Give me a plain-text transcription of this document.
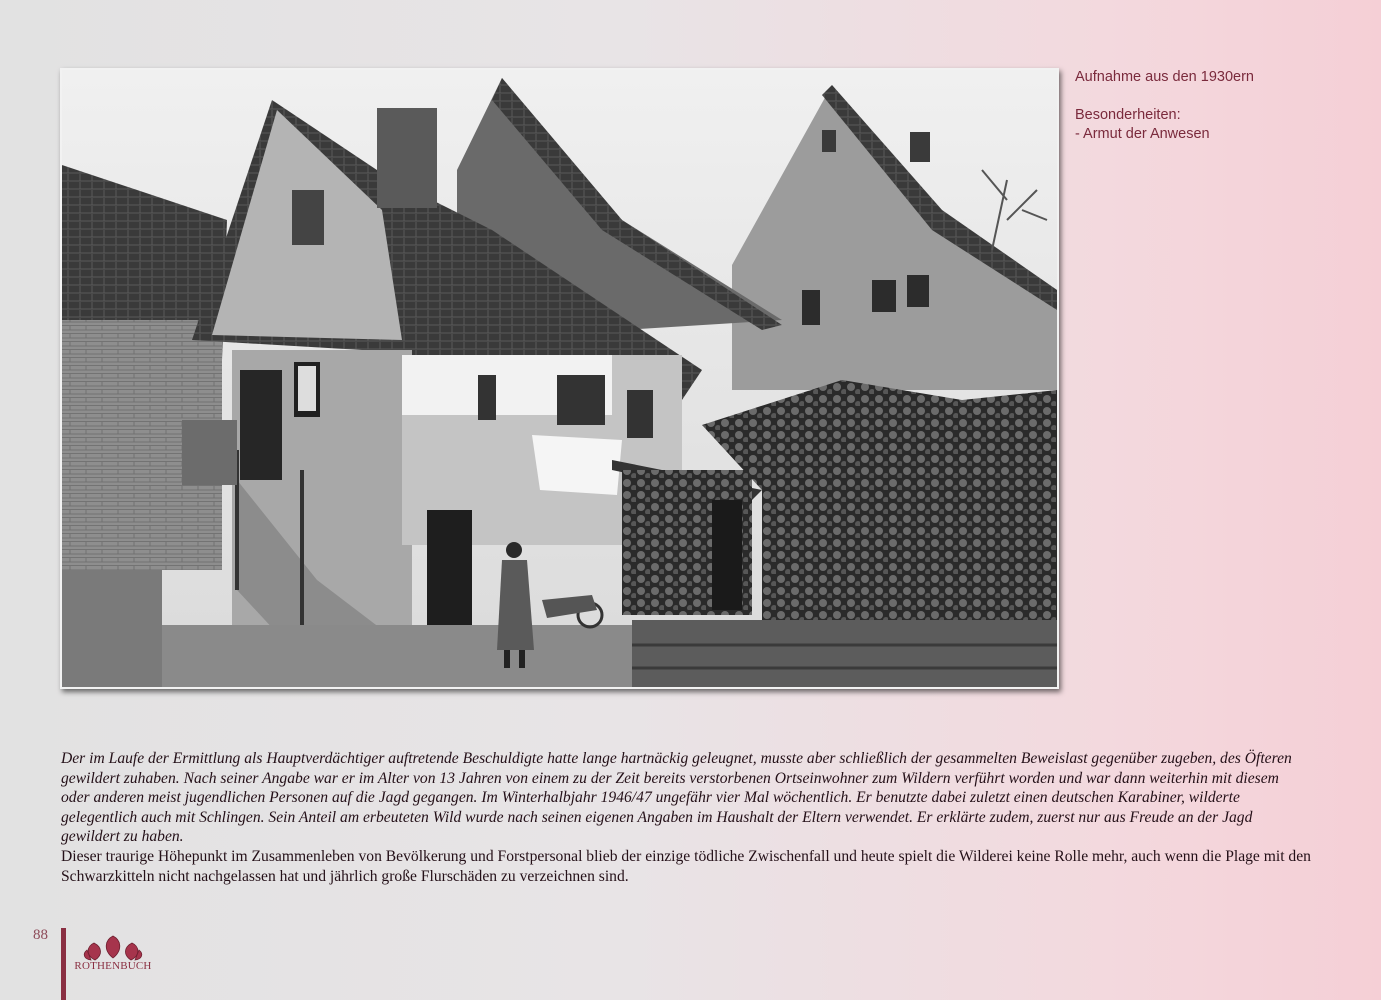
Aufnahme aus den 1930ern

Besonderheiten:

- Armut der Anwesen

Der im Laufe der Ermittlung als Hauptverdächtiger auftretende Beschuldigte hatte lange hartnäckig geleugnet, musste aber schließlich der gesammelten Beweislast gegenüber zugeben, des Öfteren gewildert zuhaben. Nach seiner Angabe war er im Alter von 13 Jahren von einem zu der Zeit bereits verstorbenen Ortseinwohner zum Wildern verführt worden und war dann weiterhin mit diesem oder anderen meist jugendlichen Personen auf die Jagd gegangen. Im Winterhalbjahr 1946/47 ungefähr vier Mal wöchentlich. Er benutzte dabei zuletzt einen deutschen Karabiner, wilderte gelegentlich auch mit Schlingen. Sein Anteil am erbeuteten Wild wurde nach seinen eigenen Angaben im Haushalt der Eltern verwendet. Er erklärte zudem, zuerst nur aus Freude an der Jagd gewildert zu haben.

Dieser traurige Höhepunkt im Zusammenleben von Bevölkerung und Forstpersonal blieb der einzige tödliche Zwischenfall und heute spielt die Wilderei keine Rolle mehr, auch wenn die Plage mit den Schwarzkitteln nicht nachgelassen hat und jährlich große Flurschäden zu verzeichnen sind.

88
ROTHENBUCH
